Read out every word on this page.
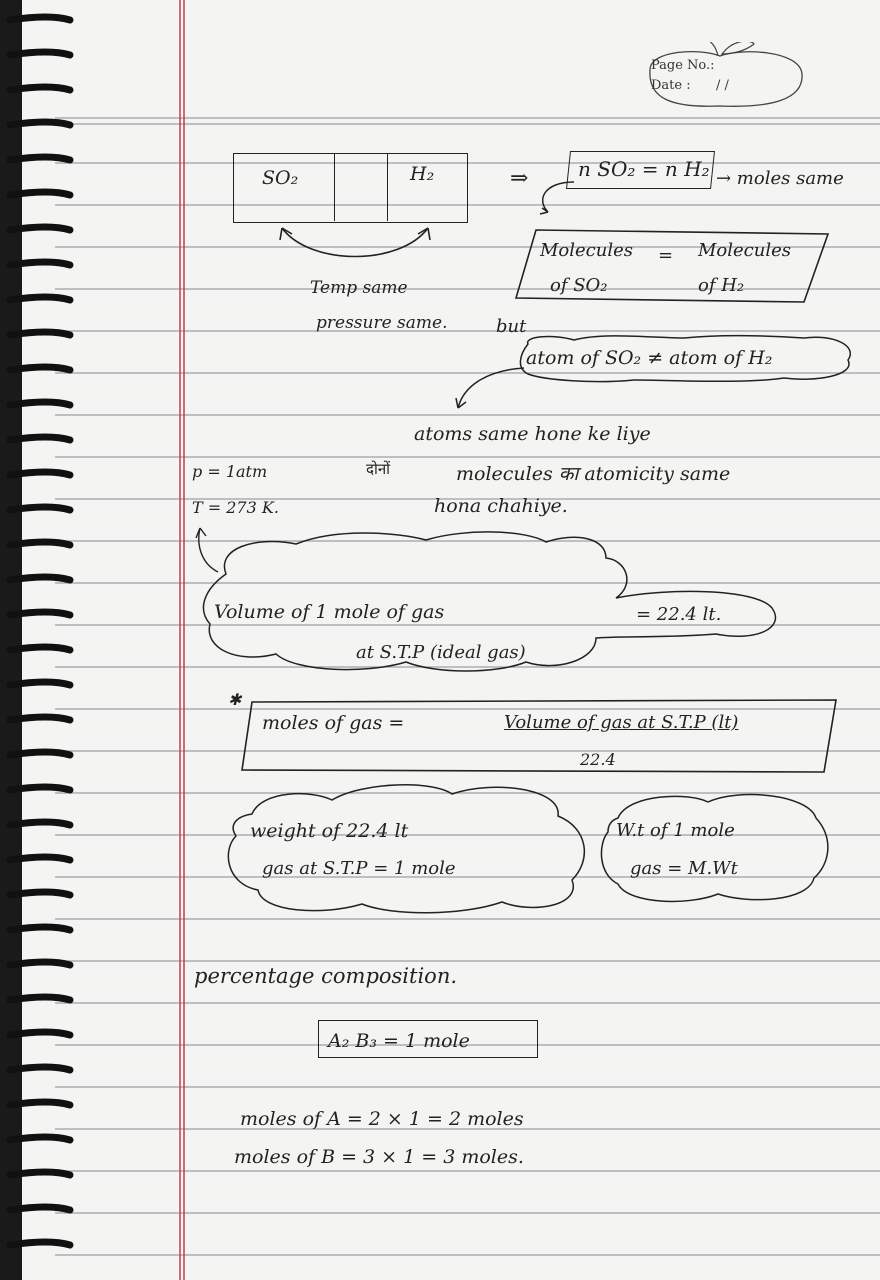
Page No.:
Date : / /
SO₂	H₂
Temp same
pressure same.
⇒ n SO₂ = n H₂ → moles same
Molecules
of SO₂
= Molecules
of H₂
but
atom of SO₂ ≠ atom of H₂
atoms same hone ke liye
दोनों	molecules का atomicity same
hona chahiye.
p = 1atm
T = 273 K.
Volume of 1 mole of gas
at S.T.P (ideal gas)
= 22.4 lt.
✱
moles of gas =	Volume of gas at S.T.P (lt)
22.4
weight of 22.4 lt
gas at S.T.P = 1 mole
W.t of 1 mole
gas = M.Wt
percentage composition.
A₂ B₃ = 1 mole
moles of A = 2 × 1 = 2 moles
moles of B = 3 × 1 = 3 moles.
